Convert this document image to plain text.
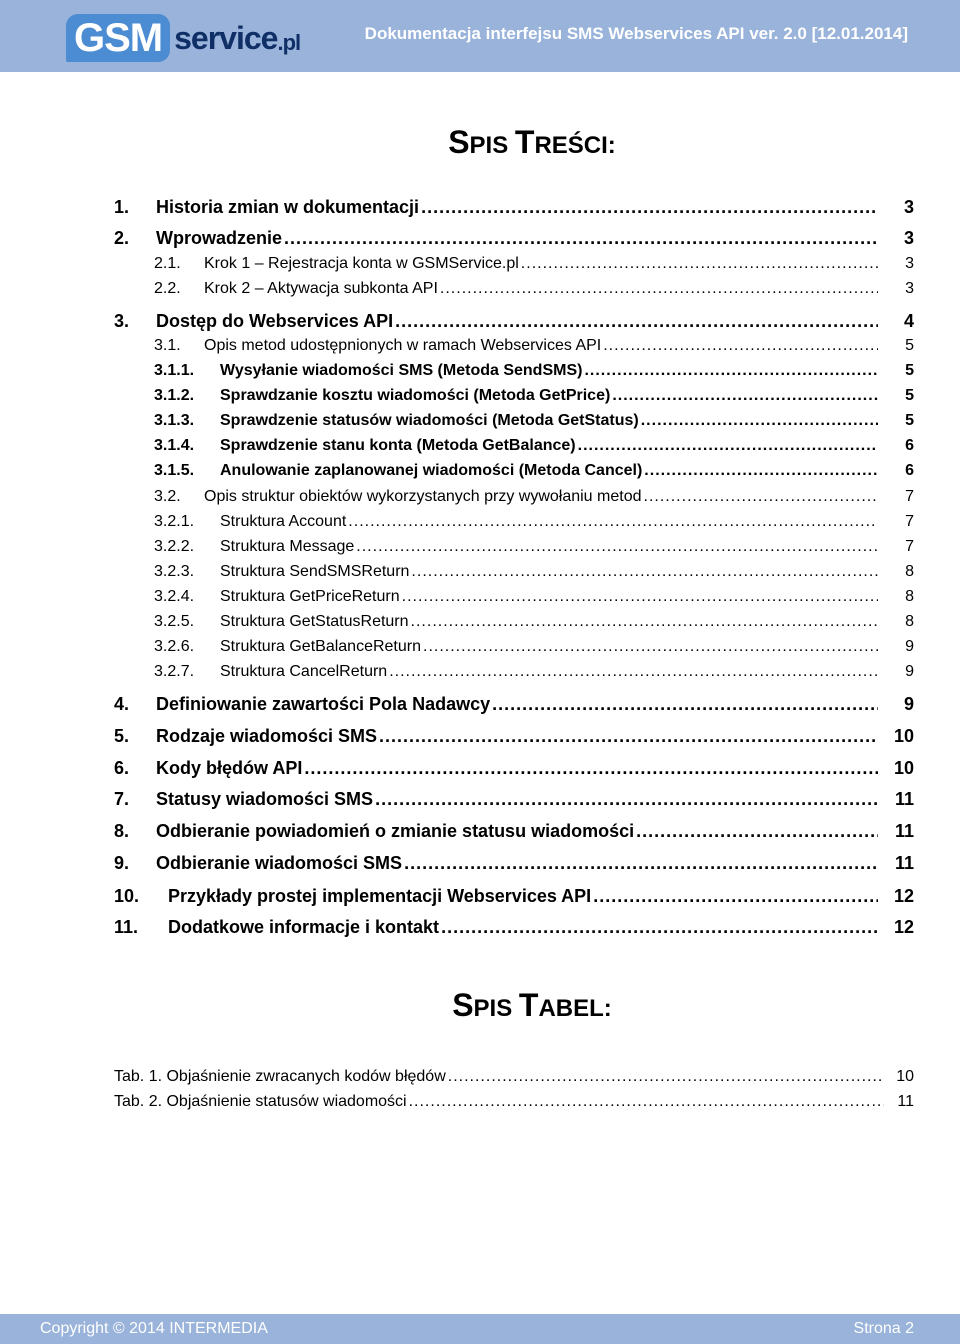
GSM service .pl	Dokumentacja interfejsu SMS Webservices API ver. 2.0 [12.01.2014]
SPIS TREŚCI:
1. Historia zmian w dokumentacji .....	3
2. Wprowadzenie .....	3
2.1. Krok 1 – Rejestracja konta w GSMService.pl .....	3
2.2. Krok 2 – Aktywacja subkonta API .....	3
3. Dostęp do Webservices API .....	4
3.1. Opis metod udostępnionych w ramach Webservices API .....	5
3.1.1. Wysyłanie wiadomości SMS (Metoda SendSMS) .....	5
3.1.2. Sprawdzanie kosztu wiadomości (Metoda GetPrice) .....	5
3.1.3. Sprawdzenie statusów wiadomości (Metoda GetStatus) .....	5
3.1.4. Sprawdzenie stanu konta (Metoda GetBalance) .....	6
3.1.5. Anulowanie zaplanowanej wiadomości (Metoda Cancel) .....	6
3.2. Opis struktur obiektów wykorzystanych przy wywołaniu metod .....	7
3.2.1. Struktura Account .....	7
3.2.2. Struktura Message .....	7
3.2.3. Struktura SendSMSReturn .....	8
3.2.4. Struktura GetPriceReturn .....	8
3.2.5. Struktura GetStatusReturn .....	8
3.2.6. Struktura GetBalanceReturn .....	9
3.2.7. Struktura CancelReturn .....	9
4. Definiowanie zawartości Pola Nadawcy .....	9
5. Rodzaje wiadomości SMS .....	10
6. Kody błędów API .....	10
7. Statusy wiadomości SMS .....	11
8. Odbieranie powiadomień o zmianie statusu wiadomości .....	11
9. Odbieranie wiadomości SMS .....	11
10. Przykłady prostej implementacji Webservices API .....	12
11. Dodatkowe informacje i kontakt .....	12
SPIS TABEL:
Tab. 1. Objaśnienie zwracanych kodów błędów .....	10
Tab. 2. Objaśnienie statusów wiadomości .....	11
Copyright © 2014 INTERMEDIA	Strona 2
